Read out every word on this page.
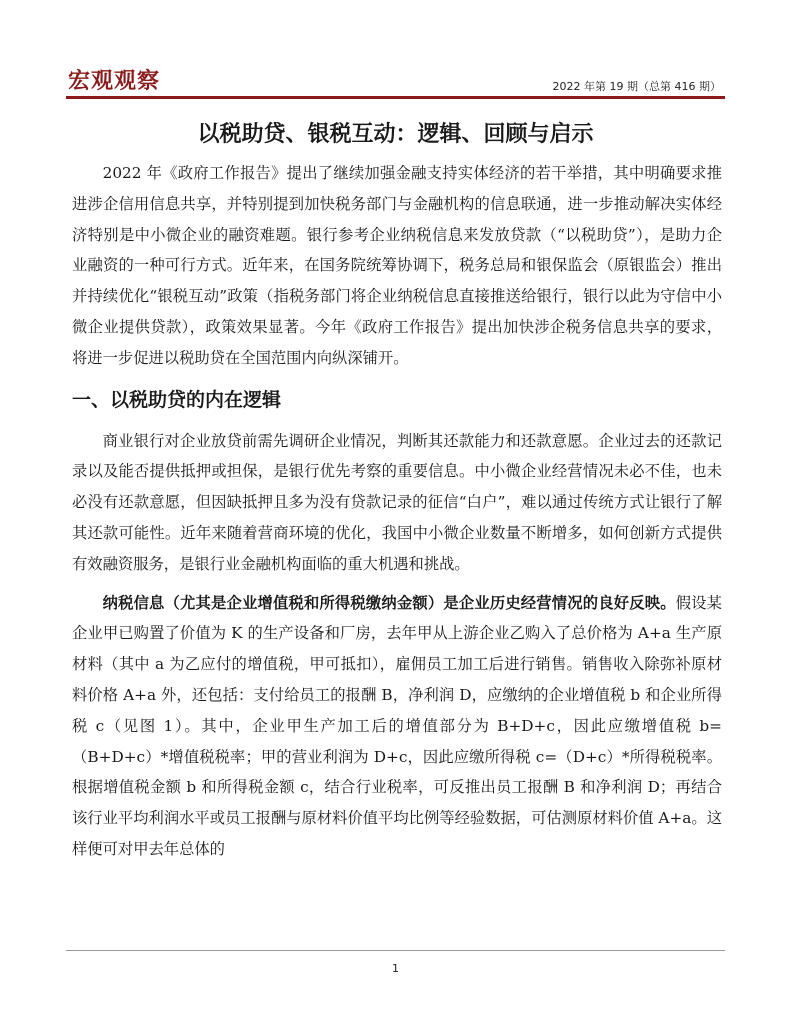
宏观观察	2022 年第 19 期（总第 416 期）
以税助贷、银税互动：逻辑、回顾与启示

2022 年《政府工作报告》提出了继续加强金融支持实体经济的若干举措，其中明确要求推进涉企信用信息共享，并特别提到加快税务部门与金融机构的信息联通，进一步推动解决实体经济特别是中小微企业的融资难题。银行参考企业纳税信息来发放贷款（“以税助贷”），是助力企业融资的一种可行方式。近年来，在国务院统筹协调下，税务总局和银保监会（原银监会）推出并持续优化“银税互动”政策（指税务部门将企业纳税信息直接推送给银行，银行以此为守信中小微企业提供贷款），政策效果显著。今年《政府工作报告》提出加快涉企税务信息共享的要求，将进一步促进以税助贷在全国范围内向纵深铺开。

一、以税助贷的内在逻辑

商业银行对企业放贷前需先调研企业情况，判断其还款能力和还款意愿。企业过去的还款记录以及能否提供抵押或担保，是银行优先考察的重要信息。中小微企业经营情况未必不佳，也未必没有还款意愿，但因缺抵押且多为没有贷款记录的征信“白户”，难以通过传统方式让银行了解其还款可能性。近年来随着营商环境的优化，我国中小微企业数量不断增多，如何创新方式提供有效融资服务，是银行业金融机构面临的重大机遇和挑战。

纳税信息（尤其是企业增值税和所得税缴纳金额）是企业历史经营情况的良好反映。假设某企业甲已购置了价值为 K 的生产设备和厂房，去年甲从上游企业乙购入了总价格为 A+a 生产原材料（其中 a 为乙应付的增值税，甲可抵扣），雇佣员工加工后进行销售。销售收入除弥补原材料价格 A+a 外，还包括：支付给员工的报酬 B，净利润 D，应缴纳的企业增值税 b 和企业所得税 c（见图 1）。其中，企业甲生产加工后的增值部分为 B+D+c，因此应缴增值税 b=（B+D+c）*增值税税率；甲的营业利润为 D+c，因此应缴所得税 c=（D+c）*所得税税率。根据增值税金额 b 和所得税金额 c，结合行业税率，可反推出员工报酬 B 和净利润 D；再结合该行业平均利润水平或员工报酬与原材料价值平均比例等经验数据，可估测原材料价值 A+a。这样便可对甲去年总体的

1
